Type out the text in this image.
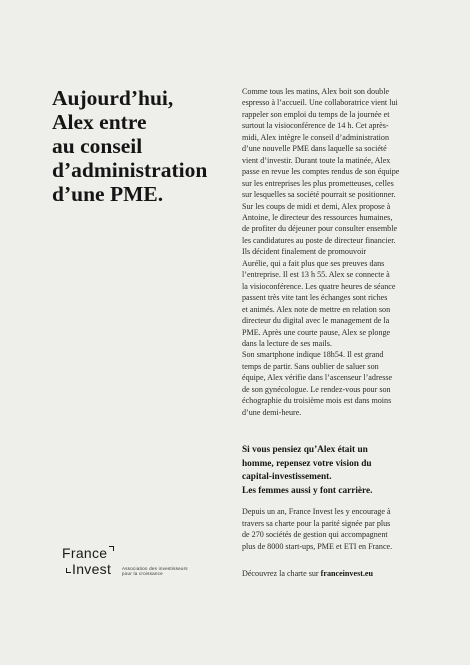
Aujourd’hui,
Alex entre
au conseil
d’administration
d’une PME.

Comme tous les matins, Alex boit son double
espresso à l’accueil. Une collaboratrice vient lui
rappeler son emploi du temps de la journée et
surtout la visioconférence de 14 h. Cet après-
midi, Alex intègre le conseil d’administration
d’une nouvelle PME dans laquelle sa société
vient d’investir. Durant toute la matinée, Alex
passe en revue les comptes rendus de son équipe
sur les entreprises les plus prometteuses, celles
sur lesquelles sa société pourrait se positionner.
Sur les coups de midi et demi, Alex propose à
Antoine, le directeur des ressources humaines,
de profiter du déjeuner pour consulter ensemble
les candidatures au poste de directeur financier.
Ils décident finalement de promouvoir
Aurélie, qui a fait plus que ses preuves dans
l’entreprise. Il est 13 h 55. Alex se connecte à
la visioconférence. Les quatre heures de séance
passent très vite tant les échanges sont riches
et animés. Alex note de mettre en relation son
directeur du digital avec le management de la
PME. Après une courte pause, Alex se plonge
dans la lecture de ses mails.
Son smartphone indique 18h54. Il est grand
temps de partir. Sans oublier de saluer son
équipe, Alex vérifie dans l’ascenseur l’adresse
de son gynécologue. Le rendez-vous pour son
échographie du troisième mois est dans moins
d’une demi-heure.

Si vous pensiez qu’Alex était un
homme, repensez votre vision du
capital-investissement.
Les femmes aussi y font carrière.
Depuis un an, France Invest les y encourage à
travers sa charte pour la parité signée par plus
de 270 sociétés de gestion qui accompagnent
plus de 8000 start-ups, PME et ETI en France.
Découvrez la charte sur franceinvest.eu
France
Invest	Association des investisseurs
pour la croissance
